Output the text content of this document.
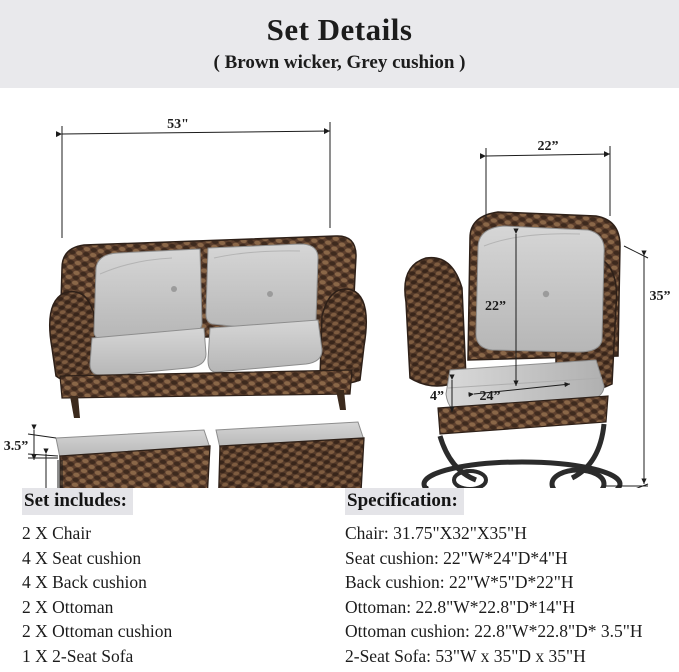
Set Details
( Brown wicker, Grey cushion )
53"
3.5”
22”
22”
24”
4”
35”
Set includes:
2 X Chair
4 X Seat cushion
4 X Back cushion
2 X Ottoman
2 X Ottoman cushion
1 X 2-Seat Sofa
Specification:
Chair: 31.75"X32"X35"H
Seat cushion: 22"W*24"D*4"H
Back cushion: 22"W*5"D*22"H
Ottoman: 22.8"W*22.8"D*14"H
Ottoman cushion: 22.8"W*22.8"D* 3.5"H
2-Seat Sofa: 53"W x 35"D x 35"H
